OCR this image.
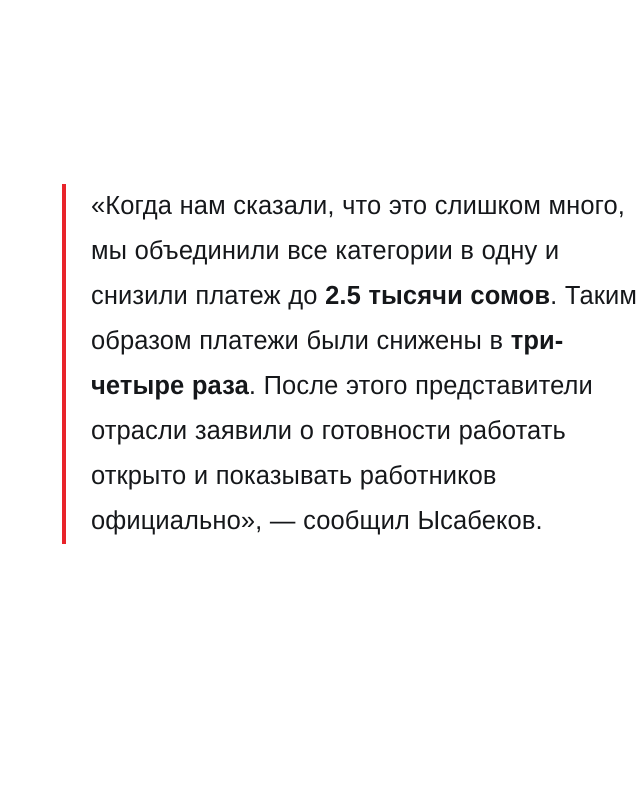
«Когда нам сказали, что это слишком много, мы объединили все категории в одну и снизили платеж до 2.5 тысячи сомов. Таким образом платежи были снижены в три-четыре раза. После этого представители отрасли заявили о готовности работать открыто и показывать работников официально», — сообщил Ысабеков.
